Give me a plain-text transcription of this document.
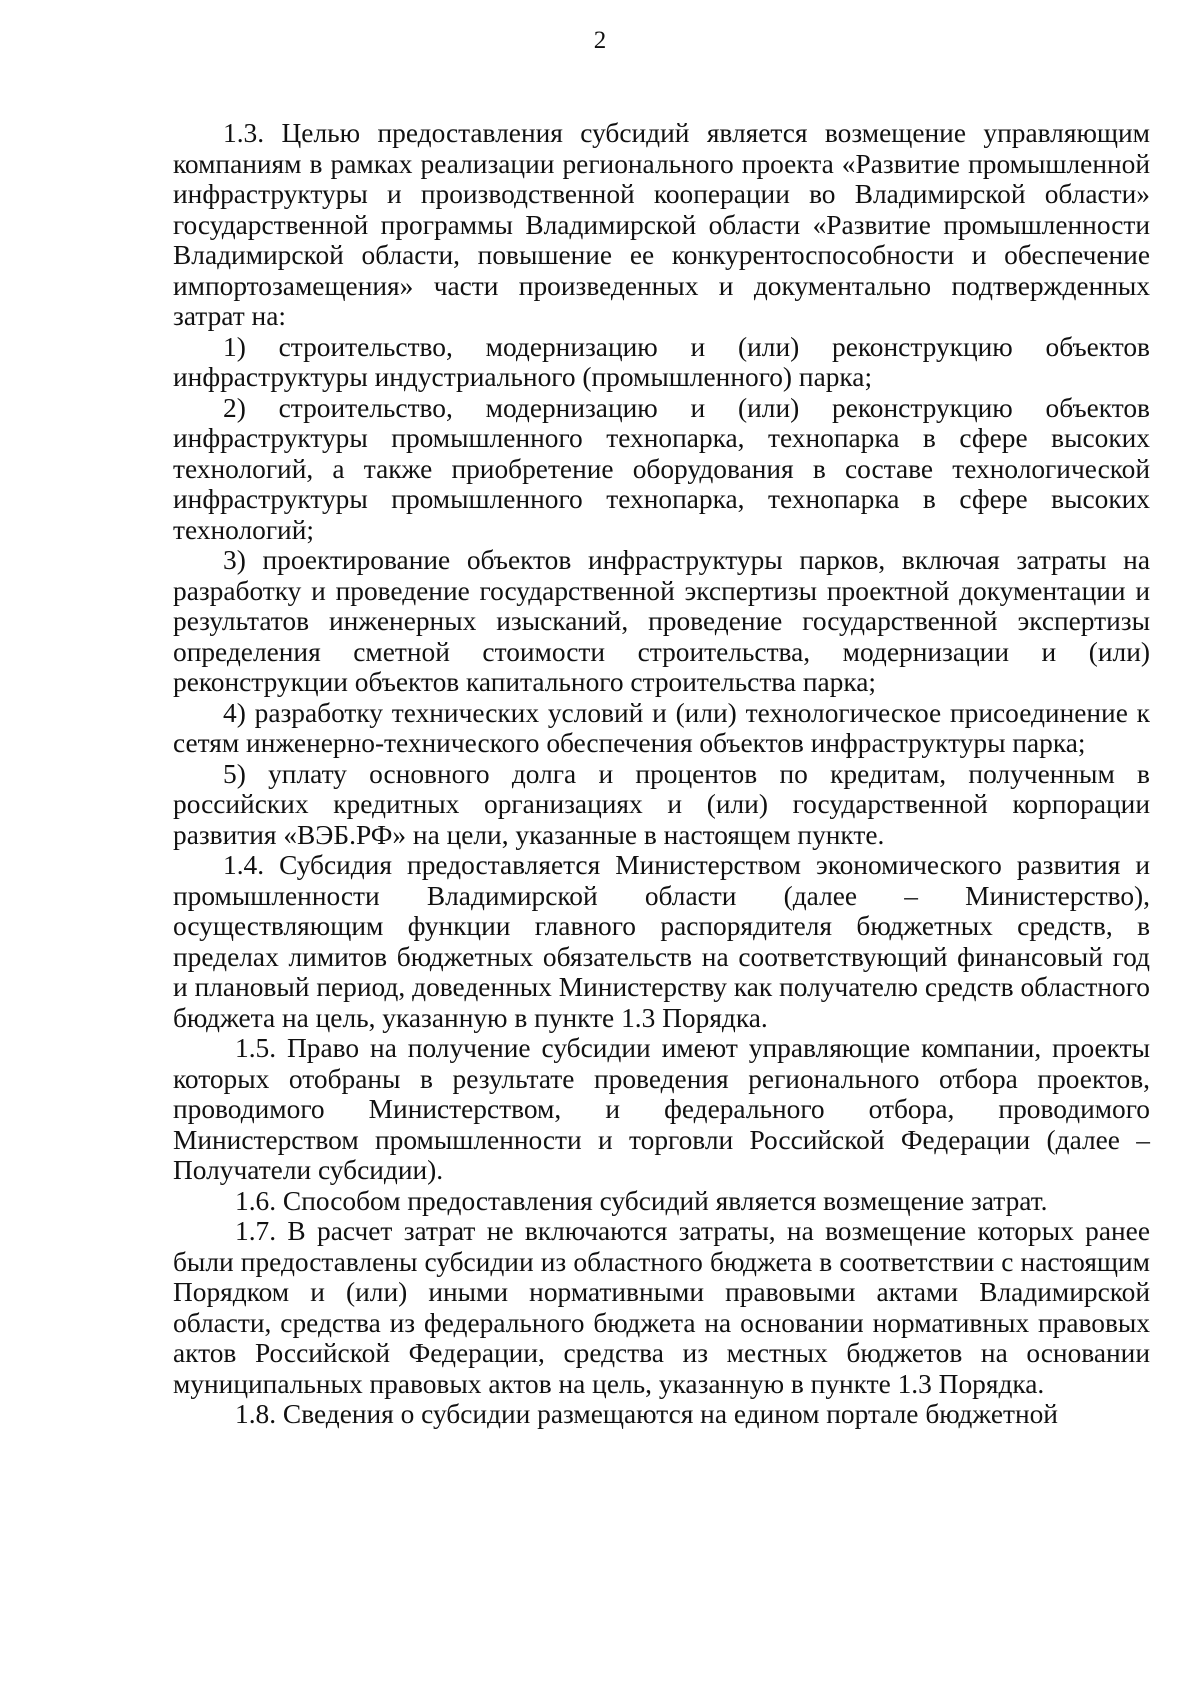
2

1.3. Целью предоставления субсидий является возмещение управляющим компаниям в рамках реализации регионального проекта «Развитие промышленной инфраструктуры и производственной кооперации во Владимирской области» государственной программы Владимирской области «Развитие промышленности Владимирской области, повышение ее конкурентоспособности и обеспечение импортозамещения» части произведенных и документально подтвержденных затрат на:

1) строительство, модернизацию и (или) реконструкцию объектов инфраструктуры индустриального (промышленного) парка;

2) строительство, модернизацию и (или) реконструкцию объектов инфраструктуры промышленного технопарка, технопарка в сфере высоких технологий, а также приобретение оборудования в составе технологической инфраструктуры промышленного технопарка, технопарка в сфере высоких технологий;

3) проектирование объектов инфраструктуры парков, включая затраты на разработку и проведение государственной экспертизы проектной документации и результатов инженерных изысканий, проведение государственной экспертизы определения сметной стоимости строительства, модернизации и (или) реконструкции объектов капитального строительства парка;

4) разработку технических условий и (или) технологическое присоединение к сетям инженерно-технического обеспечения объектов инфраструктуры парка;

5) уплату основного долга и процентов по кредитам, полученным в российских кредитных организациях и (или) государственной корпорации развития «ВЭБ.РФ» на цели, указанные в настоящем пункте.

1.4. Субсидия предоставляется Министерством экономического развития и промышленности Владимирской области (далее – Министерство), осуществляющим функции главного распорядителя бюджетных средств, в пределах лимитов бюджетных обязательств на соответствующий финансовый год и плановый период, доведенных Министерству как получателю средств областного бюджета на цель, указанную в пункте 1.3 Порядка.

1.5. Право на получение субсидии имеют управляющие компании, проекты которых отобраны в результате проведения регионального отбора проектов, проводимого Министерством, и федерального отбора, проводимого Министерством промышленности и торговли Российской Федерации (далее – Получатели субсидии).

1.6. Способом предоставления субсидий является возмещение затрат.

1.7. В расчет затрат не включаются затраты, на возмещение которых ранее были предоставлены субсидии из областного бюджета в соответствии с настоящим Порядком и (или) иными нормативными правовыми актами Владимирской области, средства из федерального бюджета на основании нормативных правовых актов Российской Федерации, средства из местных бюджетов на основании муниципальных правовых актов на цель, указанную в пункте 1.3 Порядка.

1.8. Сведения о субсидии размещаются на едином портале бюджетной
